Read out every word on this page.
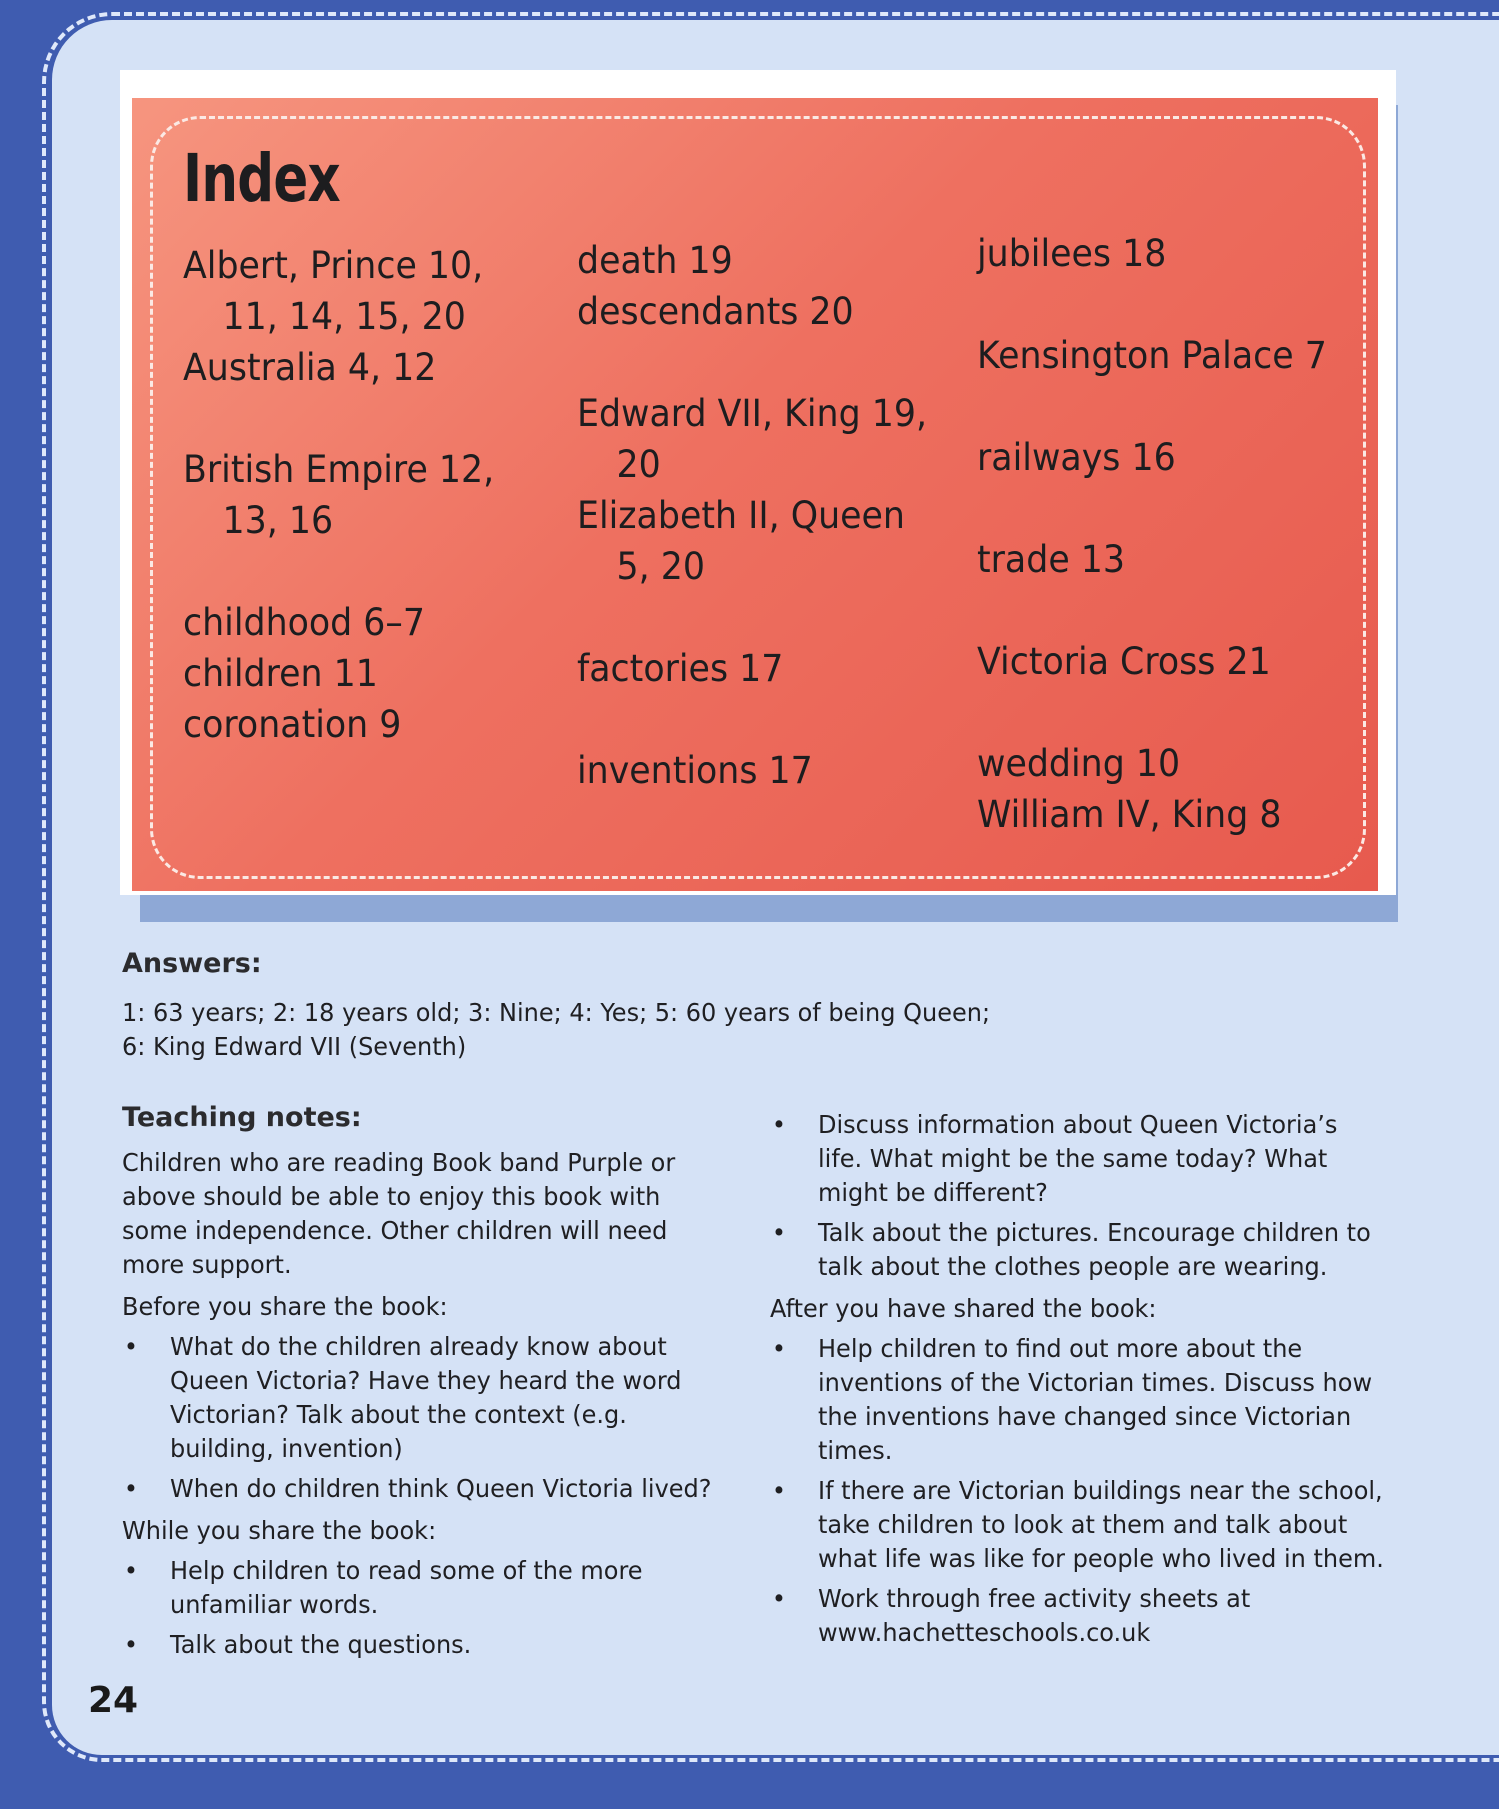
Index
Albert, Prince 10,
11, 14, 15, 20
Australia 4, 12
British Empire 12,
13, 16
childhood 6–7
children 11
coronation 9
death 19
descendants 20
Edward VII, King 19,
20
Elizabeth II, Queen
5, 20
factories 17
inventions 17
jubilees 18
Kensington Palace 7
railways 16
trade 13
Victoria Cross 21
wedding 10
William IV, King 8
Answers:

1: 63 years; 2: 18 years old; 3: Nine; 4: Yes; 5: 60 years of being Queen;

6: King Edward VII (Seventh)

Teaching notes:

Children who are reading Book band Purple or above should be able to enjoy this book with some independence. Other children will need more support.

Before you share the book:

• What do the children already know about Queen Victoria? Have they heard the word Victorian? Talk about the context (e.g. building, invention)
• When do children think Queen Victoria lived?

While you share the book:

• Help children to read some of the more unfamiliar words.
• Talk about the questions.
• Discuss information about Queen Victoria’s life. What might be the same today? What might be different?
• Talk about the pictures. Encourage children to talk about the clothes people are wearing.

After you have shared the book:

• Help children to find out more about the inventions of the Victorian times. Discuss how the inventions have changed since Victorian times.
• If there are Victorian buildings near the school, take children to look at them and talk about what life was like for people who lived in them.
• Work through free activity sheets at www.hachetteschools.co.uk
24
